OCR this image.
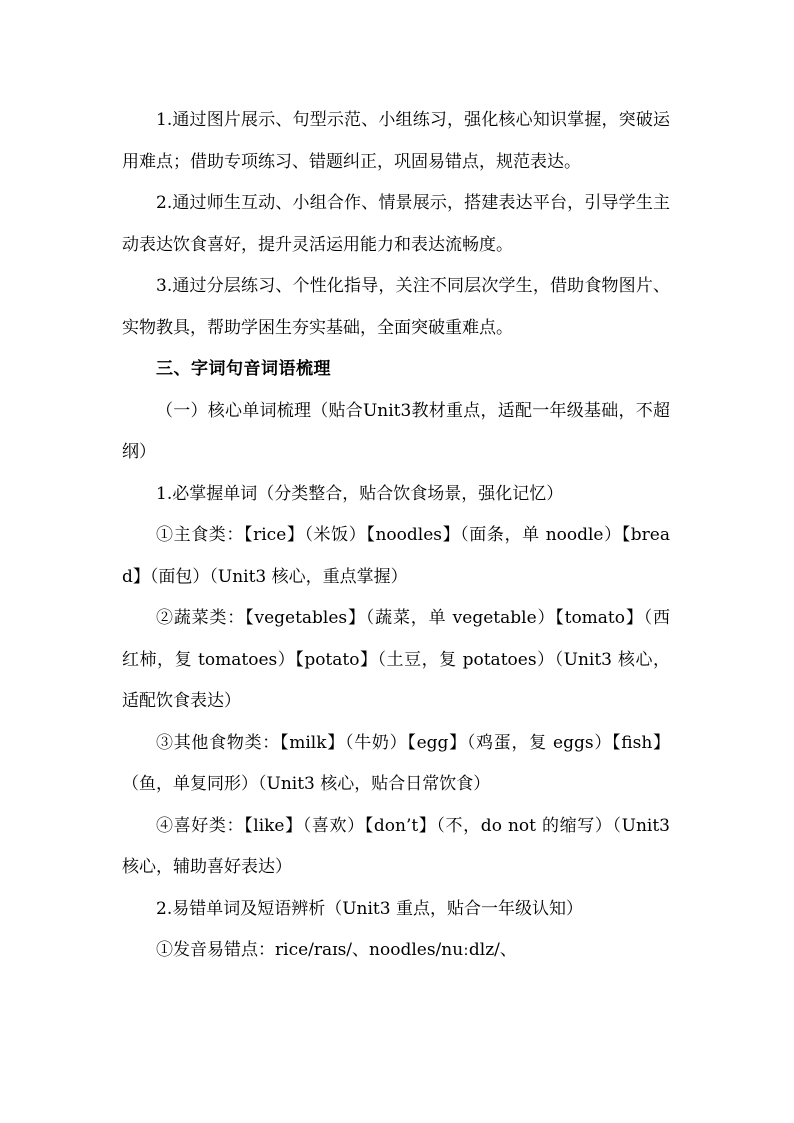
1.通过图片展示、句型示范、小组练习，强化核心知识掌握，突破运用难点；借助专项练习、错题纠正，巩固易错点，规范表达。

2.通过师生互动、小组合作、情景展示，搭建表达平台，引导学生主动表达饮食喜好，提升灵活运用能力和表达流畅度。

3.通过分层练习、个性化指导，关注不同层次学生，借助食物图片、实物教具，帮助学困生夯实基础，全面突破重难点。

三、字词句音词语梳理

（一）核心单词梳理（贴合Unit3教材重点，适配一年级基础，不超纲）

1.必掌握单词（分类整合，贴合饮食场景，强化记忆）

①主食类：【rice】（米饭）【noodles】（面条，单 noodle）【bread】（面包）（Unit3 核心，重点掌握）

②蔬菜类：【vegetables】（蔬菜，单 vegetable）【tomato】（西红柿，复 tomatoes）【potato】（土豆，复 potatoes）（Unit3 核心，适配饮食表达）

③其他食物类：【milk】（牛奶）【egg】（鸡蛋，复 eggs）【fish】（鱼，单复同形）（Unit3 核心，贴合日常饮食）

④喜好类：【like】（喜欢）【don’t】（不，do not 的缩写）（Unit3 核心，辅助喜好表达）

2.易错单词及短语辨析（Unit3 重点，贴合一年级认知）

①发音易错点：rice/raɪs/、noodles/nuːdlz/、
